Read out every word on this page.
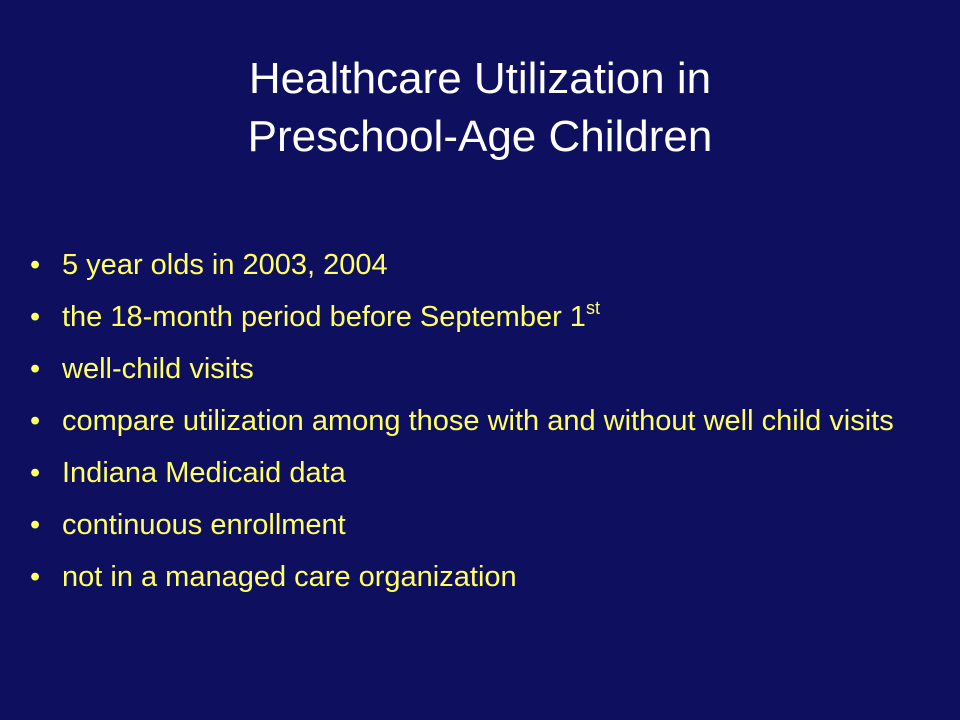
Healthcare Utilization in
Preschool-Age Children
• 5 year olds in 2003, 2004
• the 18-month period before September 1st
• well-child visits
• compare utilization among those with and without well child visits
• Indiana Medicaid data
• continuous enrollment
• not in a managed care organization
